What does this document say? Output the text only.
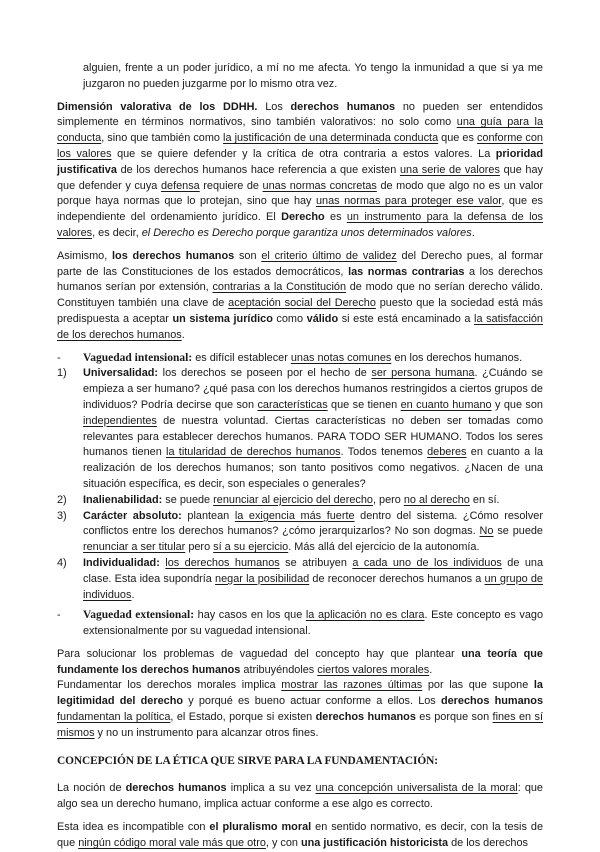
alguien, frente a un poder jurídico, a mí no me afecta. Yo tengo la inmunidad a que si ya me juzgaron no pueden juzgarme por lo mismo otra vez.

Dimensión valorativa de los DDHH. Los derechos humanos no pueden ser entendidos simplemente en términos normativos, sino también valorativos: no solo como una guía para la conducta, sino que también como la justificación de una determinada conducta que es conforme con los valores que se quiere defender y la crítica de otra contraria a estos valores. La prioridad justificativa de los derechos humanos hace referencia a que existen una serie de valores que hay que defender y cuya defensa requiere de unas normas concretas de modo que algo no es un valor porque haya normas que lo protejan, sino que hay unas normas para proteger ese valor, que es independiente del ordenamiento jurídico. El Derecho es un instrumento para la defensa de los valores, es decir, el Derecho es Derecho porque garantiza unos determinados valores.

Asimismo, los derechos humanos son el criterio último de validez del Derecho pues, al formar parte de las Constituciones de los estados democráticos, las normas contrarias a los derechos humanos serían por extensión, contrarias a la Constitución de modo que no serían derecho válido. Constituyen también una clave de aceptación social del Derecho puesto que la sociedad está más predispuesta a aceptar un sistema jurídico como válido si este está encaminado a la satisfacción de los derechos humanos.

-	Vaguedad intensional: es difícil establecer unas notas comunes en los derechos humanos.
1)	Universalidad: los derechos se poseen por el hecho de ser persona humana. ¿Cuándo se empieza a ser humano? ¿qué pasa con los derechos humanos restringidos a ciertos grupos de individuos? Podría decirse que son características que se tienen en cuanto humano y que son independientes de nuestra voluntad. Ciertas características no deben ser tomadas como relevantes para establecer derechos humanos. PARA TODO SER HUMANO. Todos los seres humanos tienen la titularidad de derechos humanos. Todos tenemos deberes en cuanto a la realización de los derechos humanos; son tanto positivos como negativos. ¿Nacen de una situación específica, es decir, son especiales o generales?
2)	Inalienabilidad: se puede renunciar al ejercicio del derecho, pero no al derecho en sí.
3)	Carácter absoluto: plantean la exigencia más fuerte dentro del sistema. ¿Cómo resolver conflictos entre los derechos humanos? ¿cómo jerarquizarlos? No son dogmas. No se puede renunciar a ser titular pero sí a su ejercicio. Más allá del ejercicio de la autonomía.
4)	Individualidad: los derechos humanos se atribuyen a cada uno de los individuos de una clase. Esta idea supondría negar la posibilidad de reconocer derechos humanos a un grupo de individuos.
-	Vaguedad extensional: hay casos en los que la aplicación no es clara. Este concepto es vago extensionalmente por su vaguedad intensional.

Para solucionar los problemas de vaguedad del concepto hay que plantear una teoría que fundamente los derechos humanos atribuyéndoles ciertos valores morales.

Fundamentar los derechos morales implica mostrar las razones últimas por las que supone la legitimidad del derecho y porqué es bueno actuar conforme a ellos. Los derechos humanos fundamentan la política, el Estado, porque si existen derechos humanos es porque son fines en sí mismos y no un instrumento para alcanzar otros fines.

CONCEPCIÓN DE LA ÉTICA QUE SIRVE PARA LA FUNDAMENTACIÓN:

La noción de derechos humanos implica a su vez una concepción universalista de la moral: que algo sea un derecho humano, implica actuar conforme a ese algo es correcto.

Esta idea es incompatible con el pluralismo moral en sentido normativo, es decir, con la tesis de que ningún código moral vale más que otro, y con una justificación historicista de los derechos
